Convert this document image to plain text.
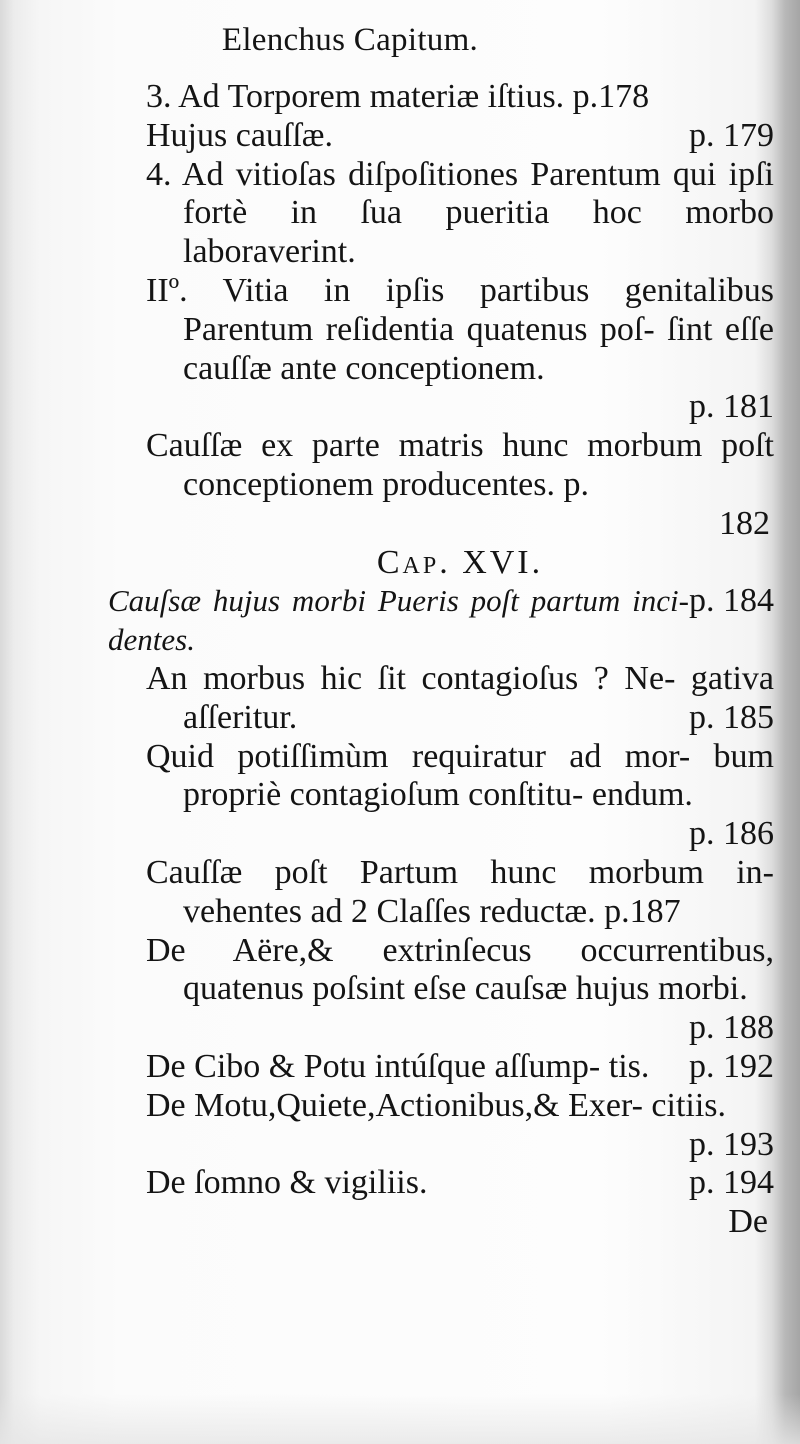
Elenchus Capitum.

3. Ad Torporem materiæ iſtius. p.178

p. 179
Hujus cauſſæ.

4. Ad vitioſas diſpoſitiones Parentum qui ipſi fortè in ſua pueritia hoc morbo laboraverint.

IIº. Vitia in ipſis partibus genitalibus Parentum reſidentia quatenus poſ- ſint eſſe cauſſæ ante conceptionem.

p. 181

Cauſſæ ex parte matris hunc morbum poſt conceptionem producentes. p.

182

Cap. XVI.

p. 184
Cauſsæ hujus morbi Pueris poſt partum inci- dentes.

An morbus hic ſit contagioſus ? Ne- gativa aſſeritur.	p. 185

Quid potiſſimùm requiratur ad mor- bum propriè contagioſum conſtitu- endum.
p. 186

Cauſſæ poſt Partum hunc morbum in- vehentes ad 2 Claſſes reductæ. p.187

De Aëre,& extrinſecus occurrentibus, quatenus poſsint eſse cauſsæ hujus morbi.
p. 188

De Cibo & Potu intúſque aſſump- tis. p. 192

De Motu,Quiete,Actionibus,& Exer- citiis.
p. 193

p. 194
De ſomno & vigiliis.

De
